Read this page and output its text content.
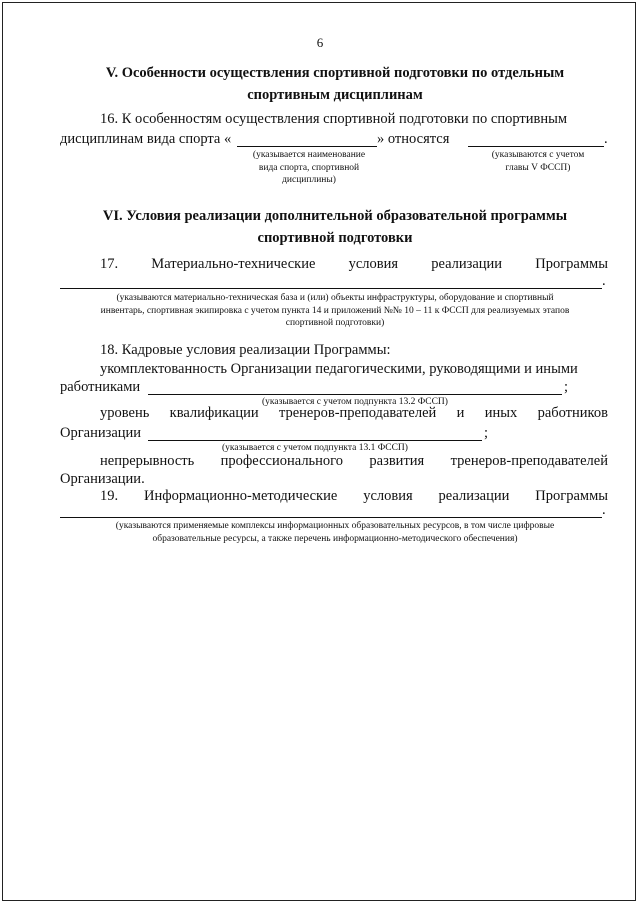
6
V. Особенности осуществления спортивной подготовки по отдельным
спортивным дисциплинам
16. К особенностям осуществления спортивной подготовки по спортивным
дисциплинам вида спорта «	» относятся	.
(указывается наименование
вида спорта, спортивной
дисциплины)
(указываются с учетом
главы V ФССП)
VI. Условия реализации дополнительной образовательной программы
спортивной подготовки
17. Материально-технические условия реализации Программы
.
(указываются материально-техническая база и (или) объекты инфраструктуры, оборудование и спортивный
инвентарь, спортивная экипировка с учетом пункта 14 и приложений №№ 10 – 11 к ФССП для реализуемых этапов
спортивной подготовки)
18. Кадровые условия реализации Программы:
укомплектованность Организации педагогическими, руководящими и иными
работниками	;
(указывается с учетом подпункта 13.2 ФССП)
уровень квалификации тренеров-преподавателей и иных работников
Организации	;
(указывается с учетом подпункта 13.1 ФССП)
непрерывность профессионального развития тренеров-преподавателей
Организации.
19. Информационно-методические условия реализации Программы
.
(указываются применяемые комплексы информационных образовательных ресурсов, в том числе цифровые
образовательные ресурсы, а также перечень информационно-методического обеспечения)
